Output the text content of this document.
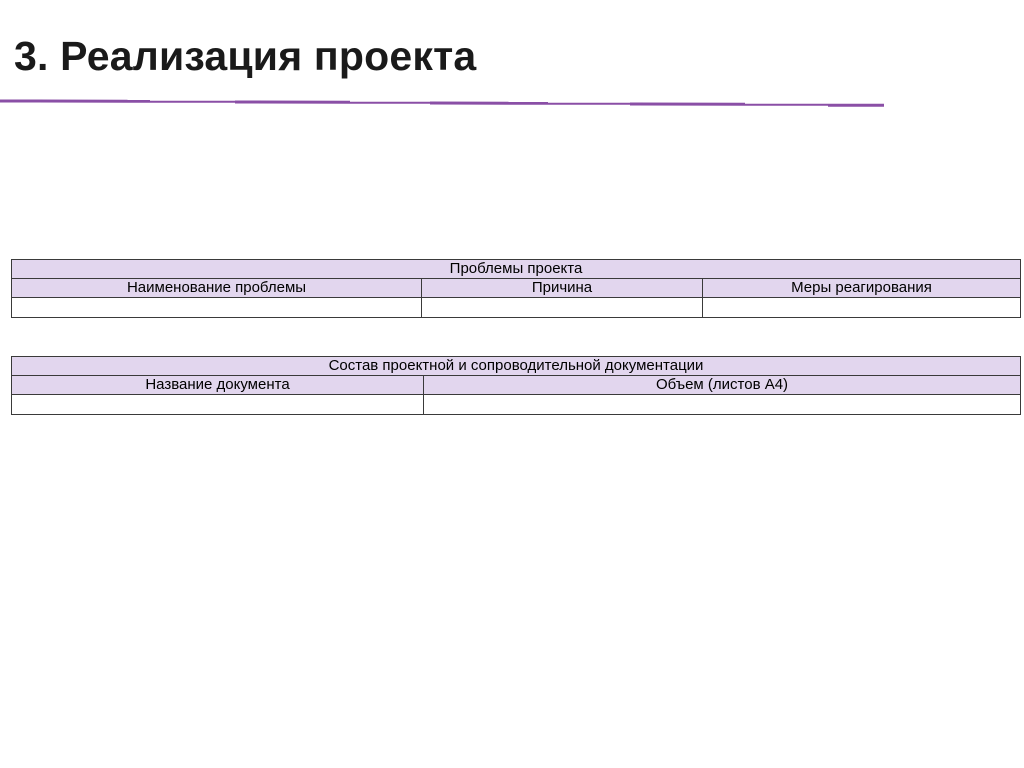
3. Реализация проекта
Проблемы проекта		
Наименование проблемы	Причина	Меры реагирования

Состав проектной и сопроводительной документации	
Название документа	Объем (листов А4)
